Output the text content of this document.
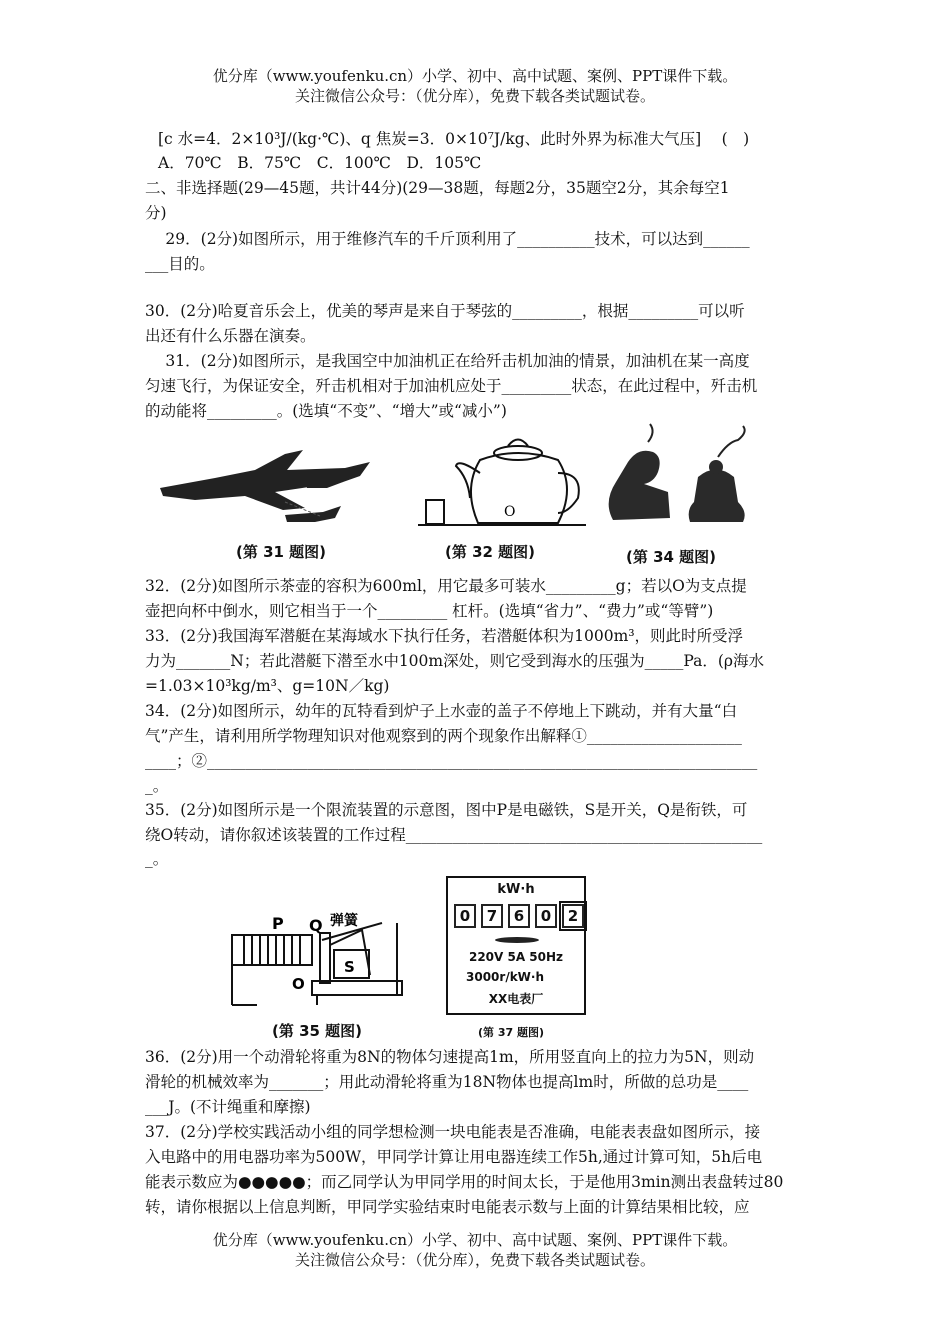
优分库（www.youfenku.cn）小学、初中、高中试题、案例、PPT课件下载。
关注微信公众号：（优分库），免费下载各类试题试卷。
[c 水=4．2×10³J/(kg·℃)、q 焦炭=3．0×10⁷J/kg、此时外界为标准大气压]　 (　)
A．70℃　B．75℃　C．100℃　D．105℃
二、非选择题(29—45题，共计44分)(29—38题，每题2分，35题空2分，其余每空1
分)
　 29．(2分)如图所示，用于维修汽车的千斤顶利用了__________技术，可以达到______
___目的。
30．(2分)哈夏音乐会上，优美的琴声是来自于琴弦的_________，根据_________可以听
出还有什么乐器在演奏。
　 31．(2分)如图所示，是我国空中加油机正在给歼击机加油的情景，加油机在某一高度
匀速飞行，为保证安全，歼击机相对于加油机应处于_________状态，在此过程中，歼击机
的动能将_________。(选填“不变”、“增大”或“减小”)
(第 31 题图)
O
(第 32 题图)	(第 34 题图)
32．(2分)如图所示茶壶的容积为600ml，用它最多可装水_________g；若以O为支点提
壶把向杯中倒水，则它相当于一个_________ 杠杆。(选填“省力”、“费力”或“等臂”)
33．(2分)我国海军潜艇在某海域水下执行任务，若潜艇体积为1000m³，则此时所受浮
力为_______N；若此潜艇下潜至水中100m深处，则它受到海水的压强为_____Pa．(ρ海水
=1.03×10³kg/m³、g=10N／kg)
34．(2分)如图所示，幼年的瓦特看到炉子上水壶的盖子不停地上下跳动，并有大量“白
气”产生，请利用所学物理知识对他观察到的两个现象作出解释①____________________
____；②_______________________________________________________________________
_。
35．(2分)如图所示是一个限流装置的示意图，图中P是电磁铁，S是开关，Q是衔铁，可
绕O转动，请你叙述该装置的工作过程______________________________________________
_。
P Q 弹簧
S
O
(第 35 题图)
kW·h
0 7 6 0 2
220V 5A 50Hz
3000r/kW·h
XX电表厂
(第 37 题图)
36．(2分)用一个动滑轮将重为8N的物体匀速提高1m，所用竖直向上的拉力为5N，则动
滑轮的机械效率为_______；用此动滑轮将重为18N物体也提高lm时，所做的总功是____
___J。(不计绳重和摩擦)
37．(2分)学校实践活动小组的同学想检测一块电能表是否准确，电能表表盘如图所示，接
入电路中的用电器功率为500W，甲同学计算让用电器连续工作5h,通过计算可知，5h后电
能表示数应为●●●●●；而乙同学认为甲同学用的时间太长，于是他用3min测出表盘转过80
转，请你根据以上信息判断，甲同学实验结束时电能表示数与上面的计算结果相比较，应
优分库（www.youfenku.cn）小学、初中、高中试题、案例、PPT课件下载。
关注微信公众号：（优分库），免费下载各类试题试卷。
